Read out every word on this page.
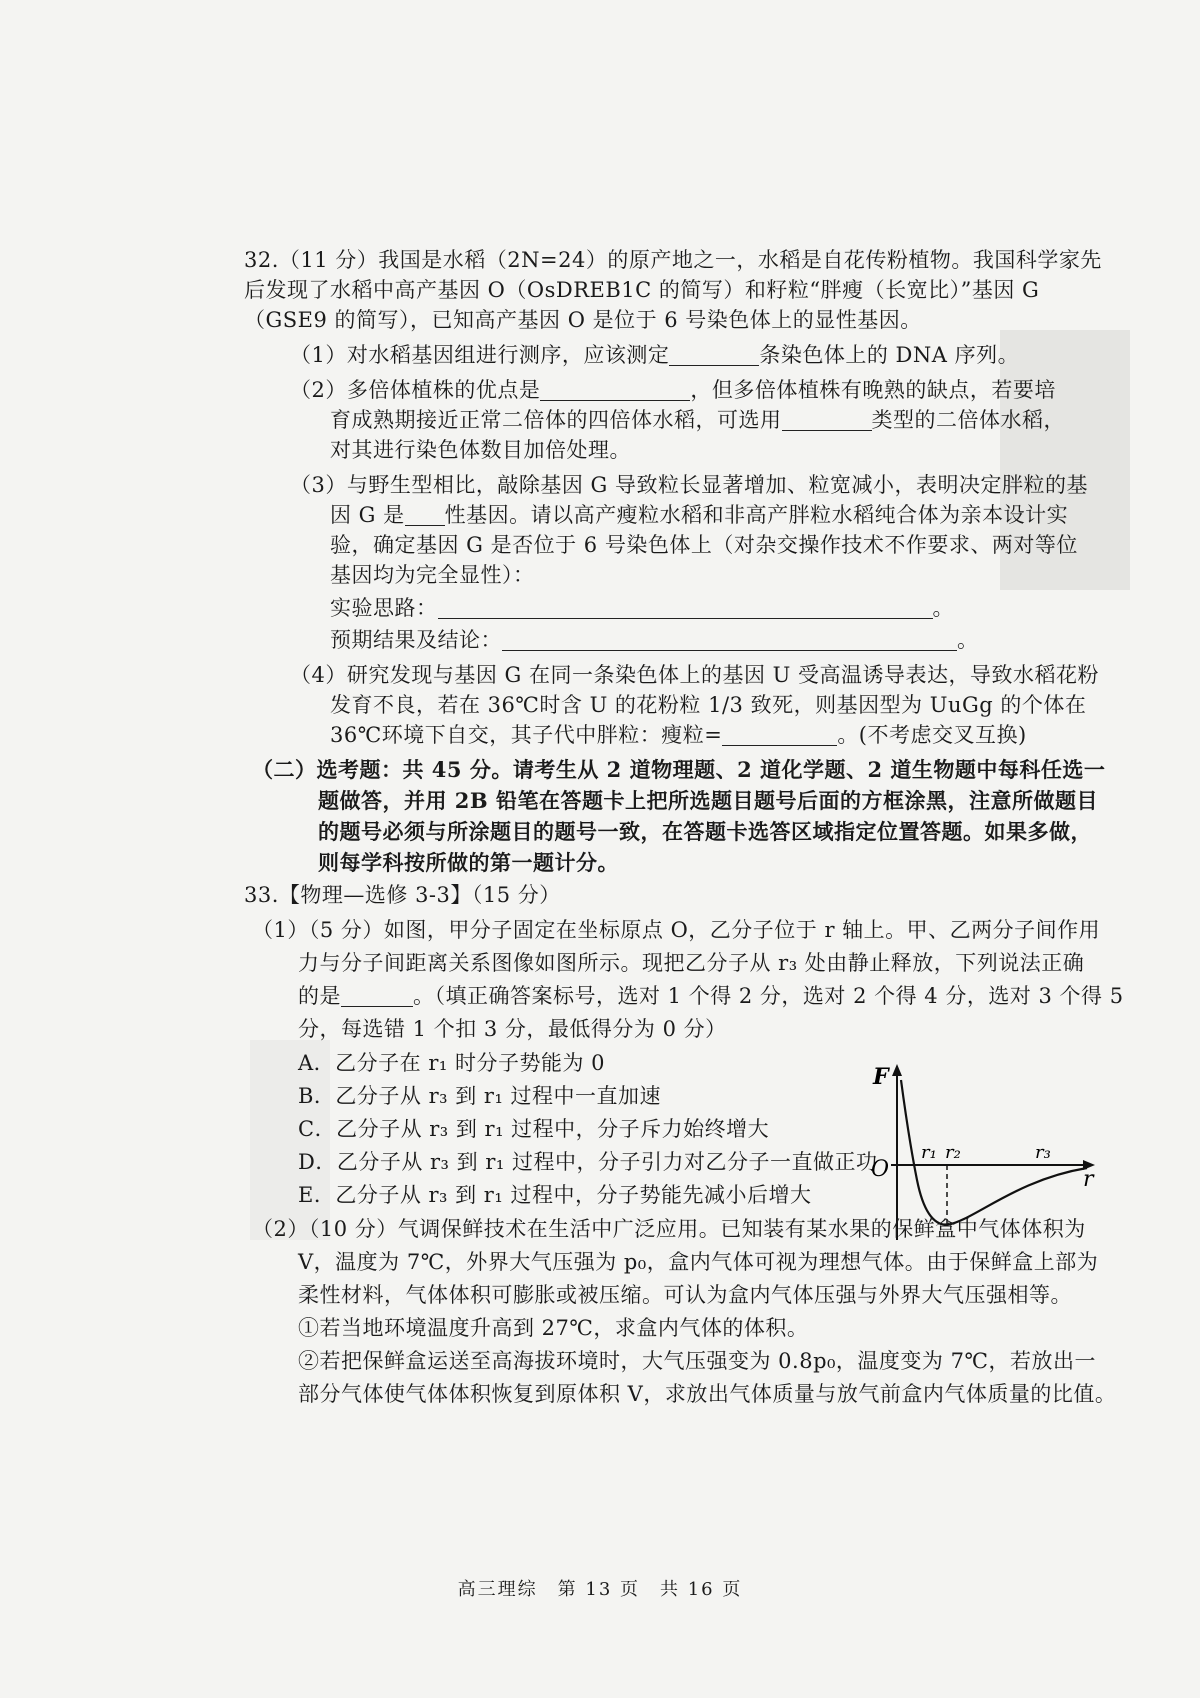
32.（11 分）我国是水稻（2N=24）的原产地之一，水稻是自花传粉植物。我国科学家先
后发现了水稻中高产基因 O（OsDREB1C 的简写）和籽粒“胖瘦（长宽比）”基因 G
（GSE9 的简写），已知高产基因 O 是位于 6 号染色体上的显性基因。
（1）对水稻基因组进行测序，应该测定	条染色体上的 DNA 序列。
（2）多倍体植株的优点是	，但多倍体植株有晚熟的缺点，若要培
育成熟期接近正常二倍体的四倍体水稻，可选用	类型的二倍体水稻，
对其进行染色体数目加倍处理。
（3）与野生型相比，敲除基因 G 导致粒长显著增加、粒宽减小，表明决定胖粒的基
因 G 是 性基因。请以高产瘦粒水稻和非高产胖粒水稻纯合体为亲本设计实
验，确定基因 G 是否位于 6 号染色体上（对杂交操作技术不作要求、两对等位
基因均为完全显性）：
实验思路：	。
预期结果及结论：	。
（4）研究发现与基因 G 在同一条染色体上的基因 U 受高温诱导表达，导致水稻花粉
发育不良，若在 36℃时含 U 的花粉粒 1/3 致死，则基因型为 UuGg 的个体在
36℃环境下自交，其子代中胖粒：瘦粒=	。(不考虑交叉互换)
（二）选考题：共 45 分。请考生从 2 道物理题、2 道化学题、2 道生物题中每科任选一
题做答，并用 2B 铅笔在答题卡上把所选题目题号后面的方框涂黑，注意所做题目
的题号必须与所涂题目的题号一致，在答题卡选答区域指定位置答题。如果多做，
则每学科按所做的第一题计分。
33.【物理—选修 3-3】（15 分）
（1）（5 分）如图，甲分子固定在坐标原点 O，乙分子位于 r 轴上。甲、乙两分子间作用
力与分子间距离关系图像如图所示。现把乙分子从 r₃ 处由静止释放，下列说法正确
的是	。（填正确答案标号，选对 1 个得 2 分，选对 2 个得 4 分，选对 3 个得 5
分，每选错 1 个扣 3 分，最低得分为 0 分）
A．乙分子在 r₁ 时分子势能为 0
B．乙分子从 r₃ 到 r₁ 过程中一直加速
C．乙分子从 r₃ 到 r₁ 过程中，分子斥力始终增大
D．乙分子从 r₃ 到 r₁ 过程中，分子引力对乙分子一直做正功
E．乙分子从 r₃ 到 r₁ 过程中，分子势能先减小后增大
F
O	r
r₁ r₂	r₃
（2）（10 分）气调保鲜技术在生活中广泛应用。已知装有某水果的保鲜盒中气体体积为
V，温度为 7℃，外界大气压强为 p₀，盒内气体可视为理想气体。由于保鲜盒上部为
柔性材料，气体体积可膨胀或被压缩。可认为盒内气体压强与外界大气压强相等。
①若当地环境温度升高到 27℃，求盒内气体的体积。
②若把保鲜盒运送至高海拔环境时，大气压强变为 0.8p₀，温度变为 7℃，若放出一
部分气体使气体体积恢复到原体积 V，求放出气体质量与放气前盒内气体质量的比值。
高三理综　第 13 页　共 16 页
